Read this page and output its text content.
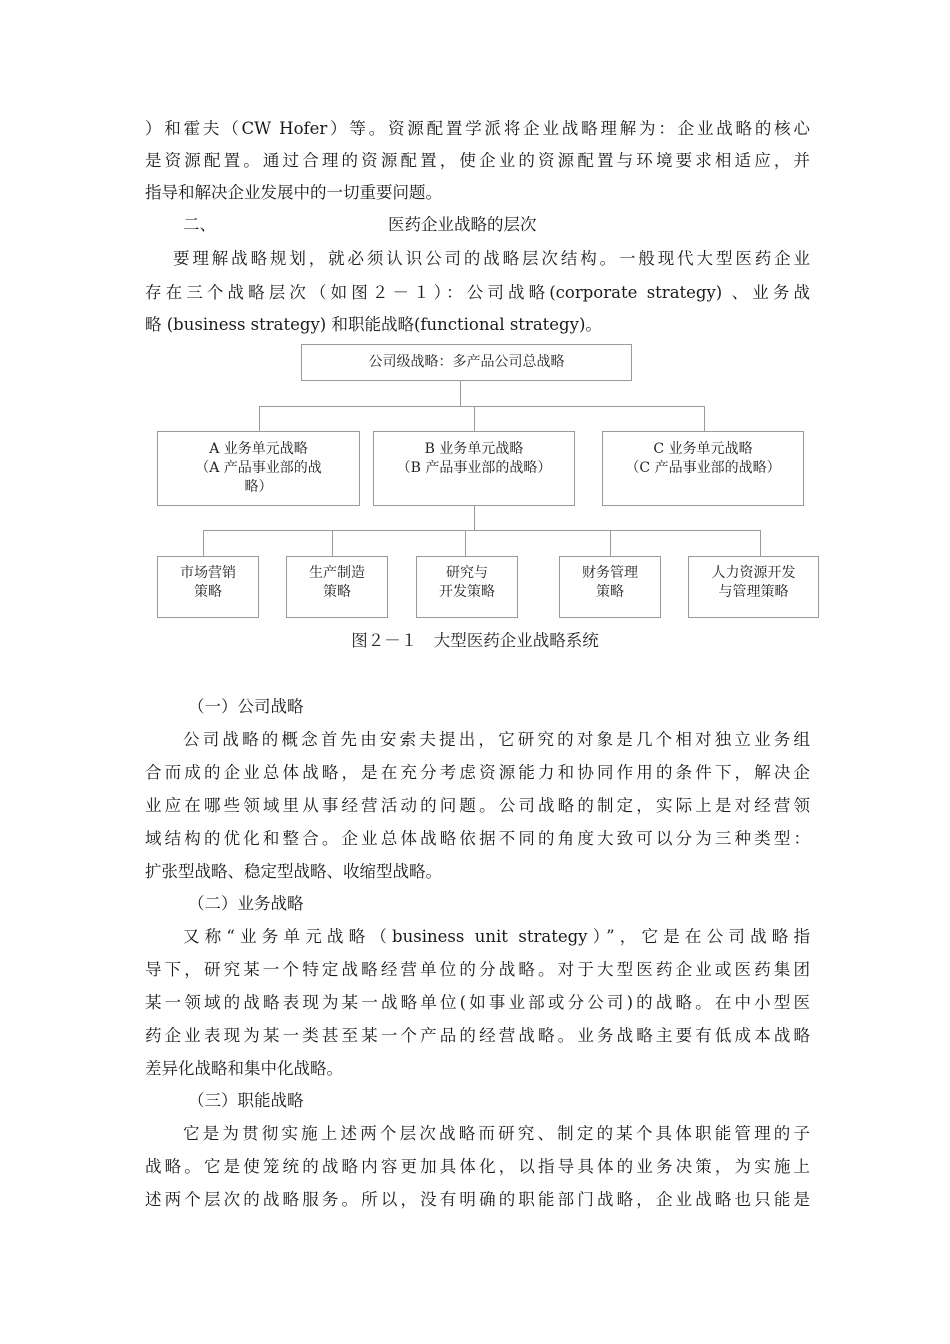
）和霍夫（CW Hofer）等。资源配置学派将企业战略理解为：企业战略的核心
是资源配置。通过合理的资源配置，使企业的资源配置与环境要求相适应，并
指导和解决企业发展中的一切重要问题。
二、	医药企业战略的层次
要理解战略规划，就必须认识公司的战略层次结构。一般现代大型医药企业
存在三个战略层次（如图２－１）：公司战略(corporate strategy) 、业务战
略 (business strategy) 和职能战略(functional strategy)。
公司级战略：多产品公司总战略
A 业务单元战略
（A 产品事业部的战
略）
B 业务单元战略
（B 产品事业部的战略）
C 业务单元战略
（C 产品事业部的战略）
市场营销
策略
生产制造
策略
研究与
开发策略
财务管理
策略
人力资源开发
与管理策略
图２－１　大型医药企业战略系统
（一）公司战略
公司战略的概念首先由安索夫提出，它研究的对象是几个相对独立业务组
合而成的企业总体战略，是在充分考虑资源能力和协同作用的条件下，解决企
业应在哪些领域里从事经营活动的问题。公司战略的制定，实际上是对经营领
域结构的优化和整合。企业总体战略依据不同的角度大致可以分为三种类型：
扩张型战略、稳定型战略、收缩型战略。
（二）业务战略
又称“业务单元战略（business unit strategy）”，它是在公司战略指
导下，研究某一个特定战略经营单位的分战略。对于大型医药企业或医药集团
某一领域的战略表现为某一战略单位(如事业部或分公司)的战略。在中小型医
药企业表现为某一类甚至某一个产品的经营战略。业务战略主要有低成本战略
差异化战略和集中化战略。
（三）职能战略
它是为贯彻实施上述两个层次战略而研究、制定的某个具体职能管理的子
战略。它是使笼统的战略内容更加具体化，以指导具体的业务决策，为实施上
述两个层次的战略服务。所以，没有明确的职能部门战略，企业战略也只能是
